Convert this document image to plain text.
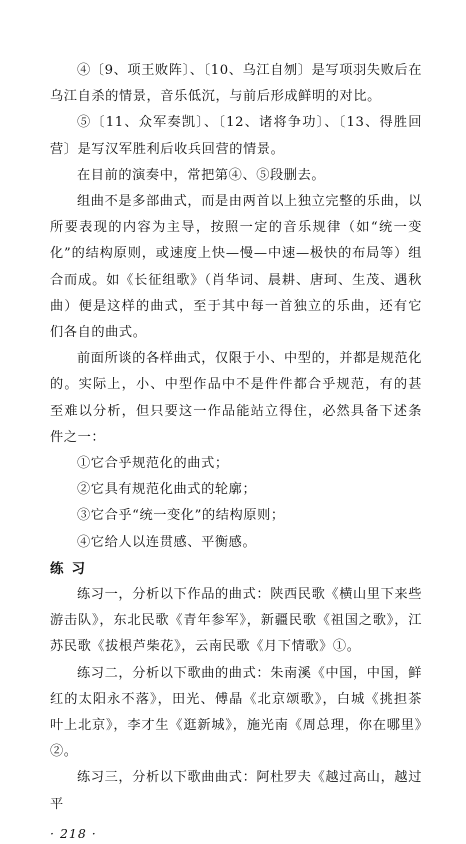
④〔9、项王败阵〕、〔10、乌江自刎〕是写项羽失败后在乌江自杀的情景，音乐低沉，与前后形成鲜明的对比。

⑤〔11、众军奏凯〕、〔12、诸将争功〕、〔13、得胜回营〕是写汉军胜利后收兵回营的情景。

在目前的演奏中，常把第④、⑤段删去。

组曲不是多部曲式，而是由两首以上独立完整的乐曲，以所要表现的内容为主导，按照一定的音乐规律（如“统一变化”的结构原则，或速度上快—慢—中速—极快的布局等）组合而成。如《长征组歌》（肖华词、晨耕、唐珂、生茂、遇秋曲）便是这样的曲式，至于其中每一首独立的乐曲，还有它们各自的曲式。

前面所谈的各样曲式，仅限于小、中型的，并都是规范化的。实际上，小、中型作品中不是件件都合乎规范，有的甚至难以分析，但只要这一作品能站立得住，必然具备下述条件之一：

①它合乎规范化的曲式；

②它具有规范化曲式的轮廓；

③它合乎“统一变化”的结构原则；

④它给人以连贯感、平衡感。

练习

练习一，分析以下作品的曲式：陕西民歌《横山里下来些游击队》，东北民歌《青年参军》，新疆民歌《祖国之歌》，江苏民歌《拔根芦柴花》，云南民歌《月下情歌》①。

练习二，分析以下歌曲的曲式：朱南溪《中国，中国，鲜红的太阳永不落》，田光、傅晶《北京颂歌》，白城《挑担茶叶上北京》，李才生《逛新城》，施光南《周总理，你在哪里》②。

练习三，分析以下歌曲曲式：阿杜罗夫《越过高山，越过平

· 218 ·
